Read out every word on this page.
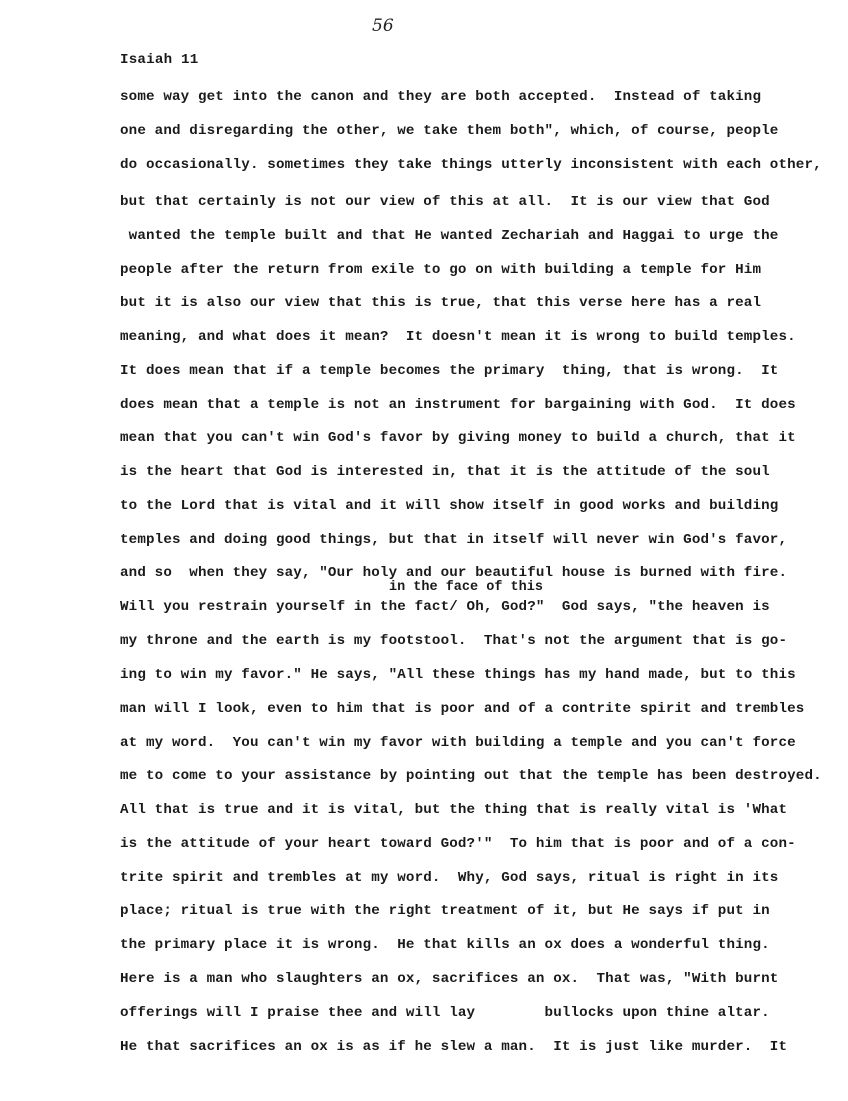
56
Isaiah 11
some way get into the canon and they are both accepted.  Instead of taking
one and disregarding the other, we take them both", which, of course, people
do occasionally. sometimes they take things utterly inconsistent with each other,
but that certainly is not our view of this at all.  It is our view that God
wanted the temple built and that He wanted Zechariah and Haggai to urge the
people after the return from exile to go on with building a temple for Him
but it is also our view that this is true, that this verse here has a real
meaning, and what does it mean?  It doesn't mean it is wrong to build temples.
It does mean that if a temple becomes the primary  thing, that is wrong.  It
does mean that a temple is not an instrument for bargaining with God.  It does
mean that you can't win God's favor by giving money to build a church, that it
is the heart that God is interested in, that it is the attitude of the soul
to the Lord that is vital and it will show itself in good works and building
temples and doing good things, but that in itself will never win God's favor,
and so  when they say, "Our holy and our beautiful house is burned with fire.
in the face of this
Will you restrain yourself in the fact/ Oh, God?"  God says, "the heaven is
my throne and the earth is my footstool.  That's not the argument that is go-
ing to win my favor." He says, "All these things has my hand made, but to this
man will I look, even to him that is poor and of a contrite spirit and trembles
at my word.  You can't win my favor with building a temple and you can't force
me to come to your assistance by pointing out that the temple has been destroyed.
All that is true and it is vital, but the thing that is really vital is 'What
is the attitude of your heart toward God?'"  To him that is poor and of a con-
trite spirit and trembles at my word.  Why, God says, ritual is right in its
place; ritual is true with the right treatment of it, but He says if put in
the primary place it is wrong.  He that kills an ox does a wonderful thing.
Here is a man who slaughters an ox, sacrifices an ox.  That was, "With burnt
offerings will I praise thee and will lay        bullocks upon thine altar.
He that sacrifices an ox is as if he slew a man.  It is just like murder.  It
